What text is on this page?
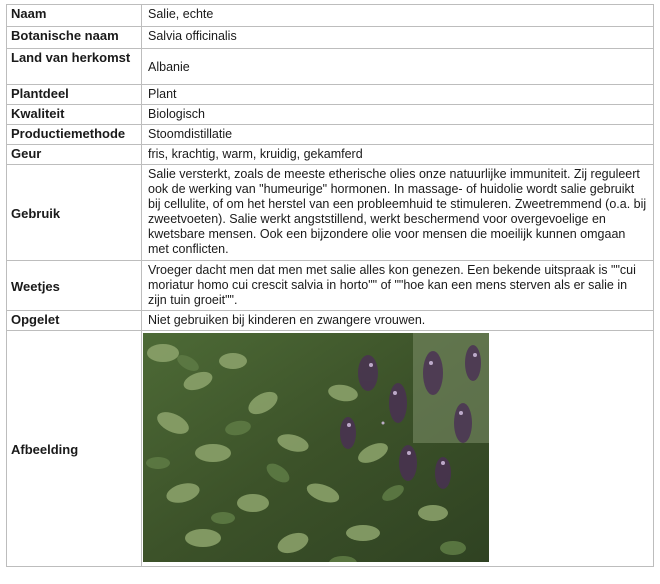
Naam	Salie, echte
Botanische naam	Salvia officinalis
Land van herkomst	Albanie
Plantdeel	Plant
Kwaliteit	Biologisch
Productiemethode	Stoomdistillatie
Geur	fris, krachtig, warm, kruidig, gekamferd
Gebruik	Salie versterkt, zoals de meeste etherische olies onze natuurlijke immuniteit. Zij reguleert ook de werking van "humeurige" hormonen. In massage- of huidolie wordt salie gebruikt bij cellulite, of om het herstel van een probleemhuid te stimuleren. Zweetremmend (o.a. bij zweetvoeten). Salie werkt angststillend, werkt beschermend voor overgevoelige en kwetsbare mensen. Ook een bijzondere olie voor mensen die moeilijk kunnen omgaan met conflicten.
Weetjes	Vroeger dacht men dat men met salie alles kon genezen. Een bekende uitspraak is ""cui moriatur homo cui crescit salvia in horto"" of ""hoe kan een mens sterven als er salie in zijn tuin groeit"".
Opgelet	Niet gebruiken bij kinderen en zwangere vrouwen.
Afbeelding	
